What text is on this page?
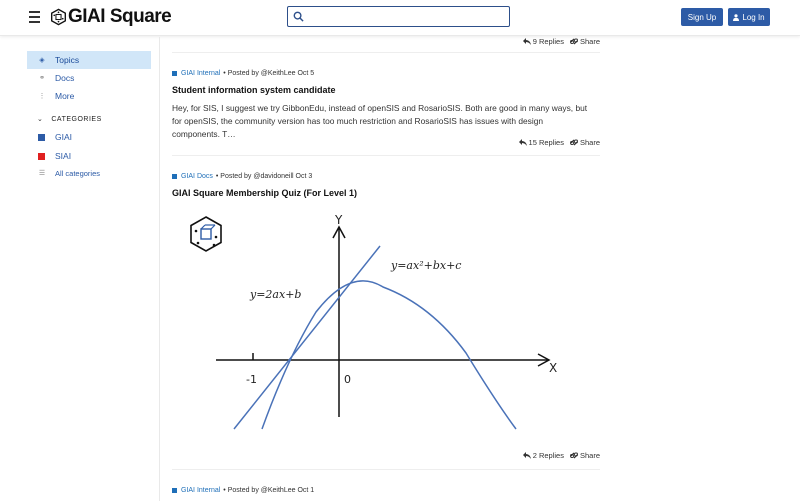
GIAI Square	Sign Up	Log In
◈ Topics
⚭ Docs
⋮ More
⌄ CATEGORIES
GIAI
SIAI
☰ All categories
9 Replies Share
GIAI Internal • Posted by @KeithLee Oct 5
Student information system candidate
Hey, for SIS, I suggest we try GibbonEdu, instead of openSIS and RosarioSIS. Both are good in many ways, but for openSIS, the community version has too much restriction and RosarioSIS has issues with design components. T…
15 Replies Share
GIAI Docs • Posted by @davidoneill Oct 3
GIAI Square Membership Quiz (For Level 1)
Y
X
-1	0
y=2ax+b
y=ax²+bx+c
2 Replies Share
GIAI Internal • Posted by @KeithLee Oct 1
